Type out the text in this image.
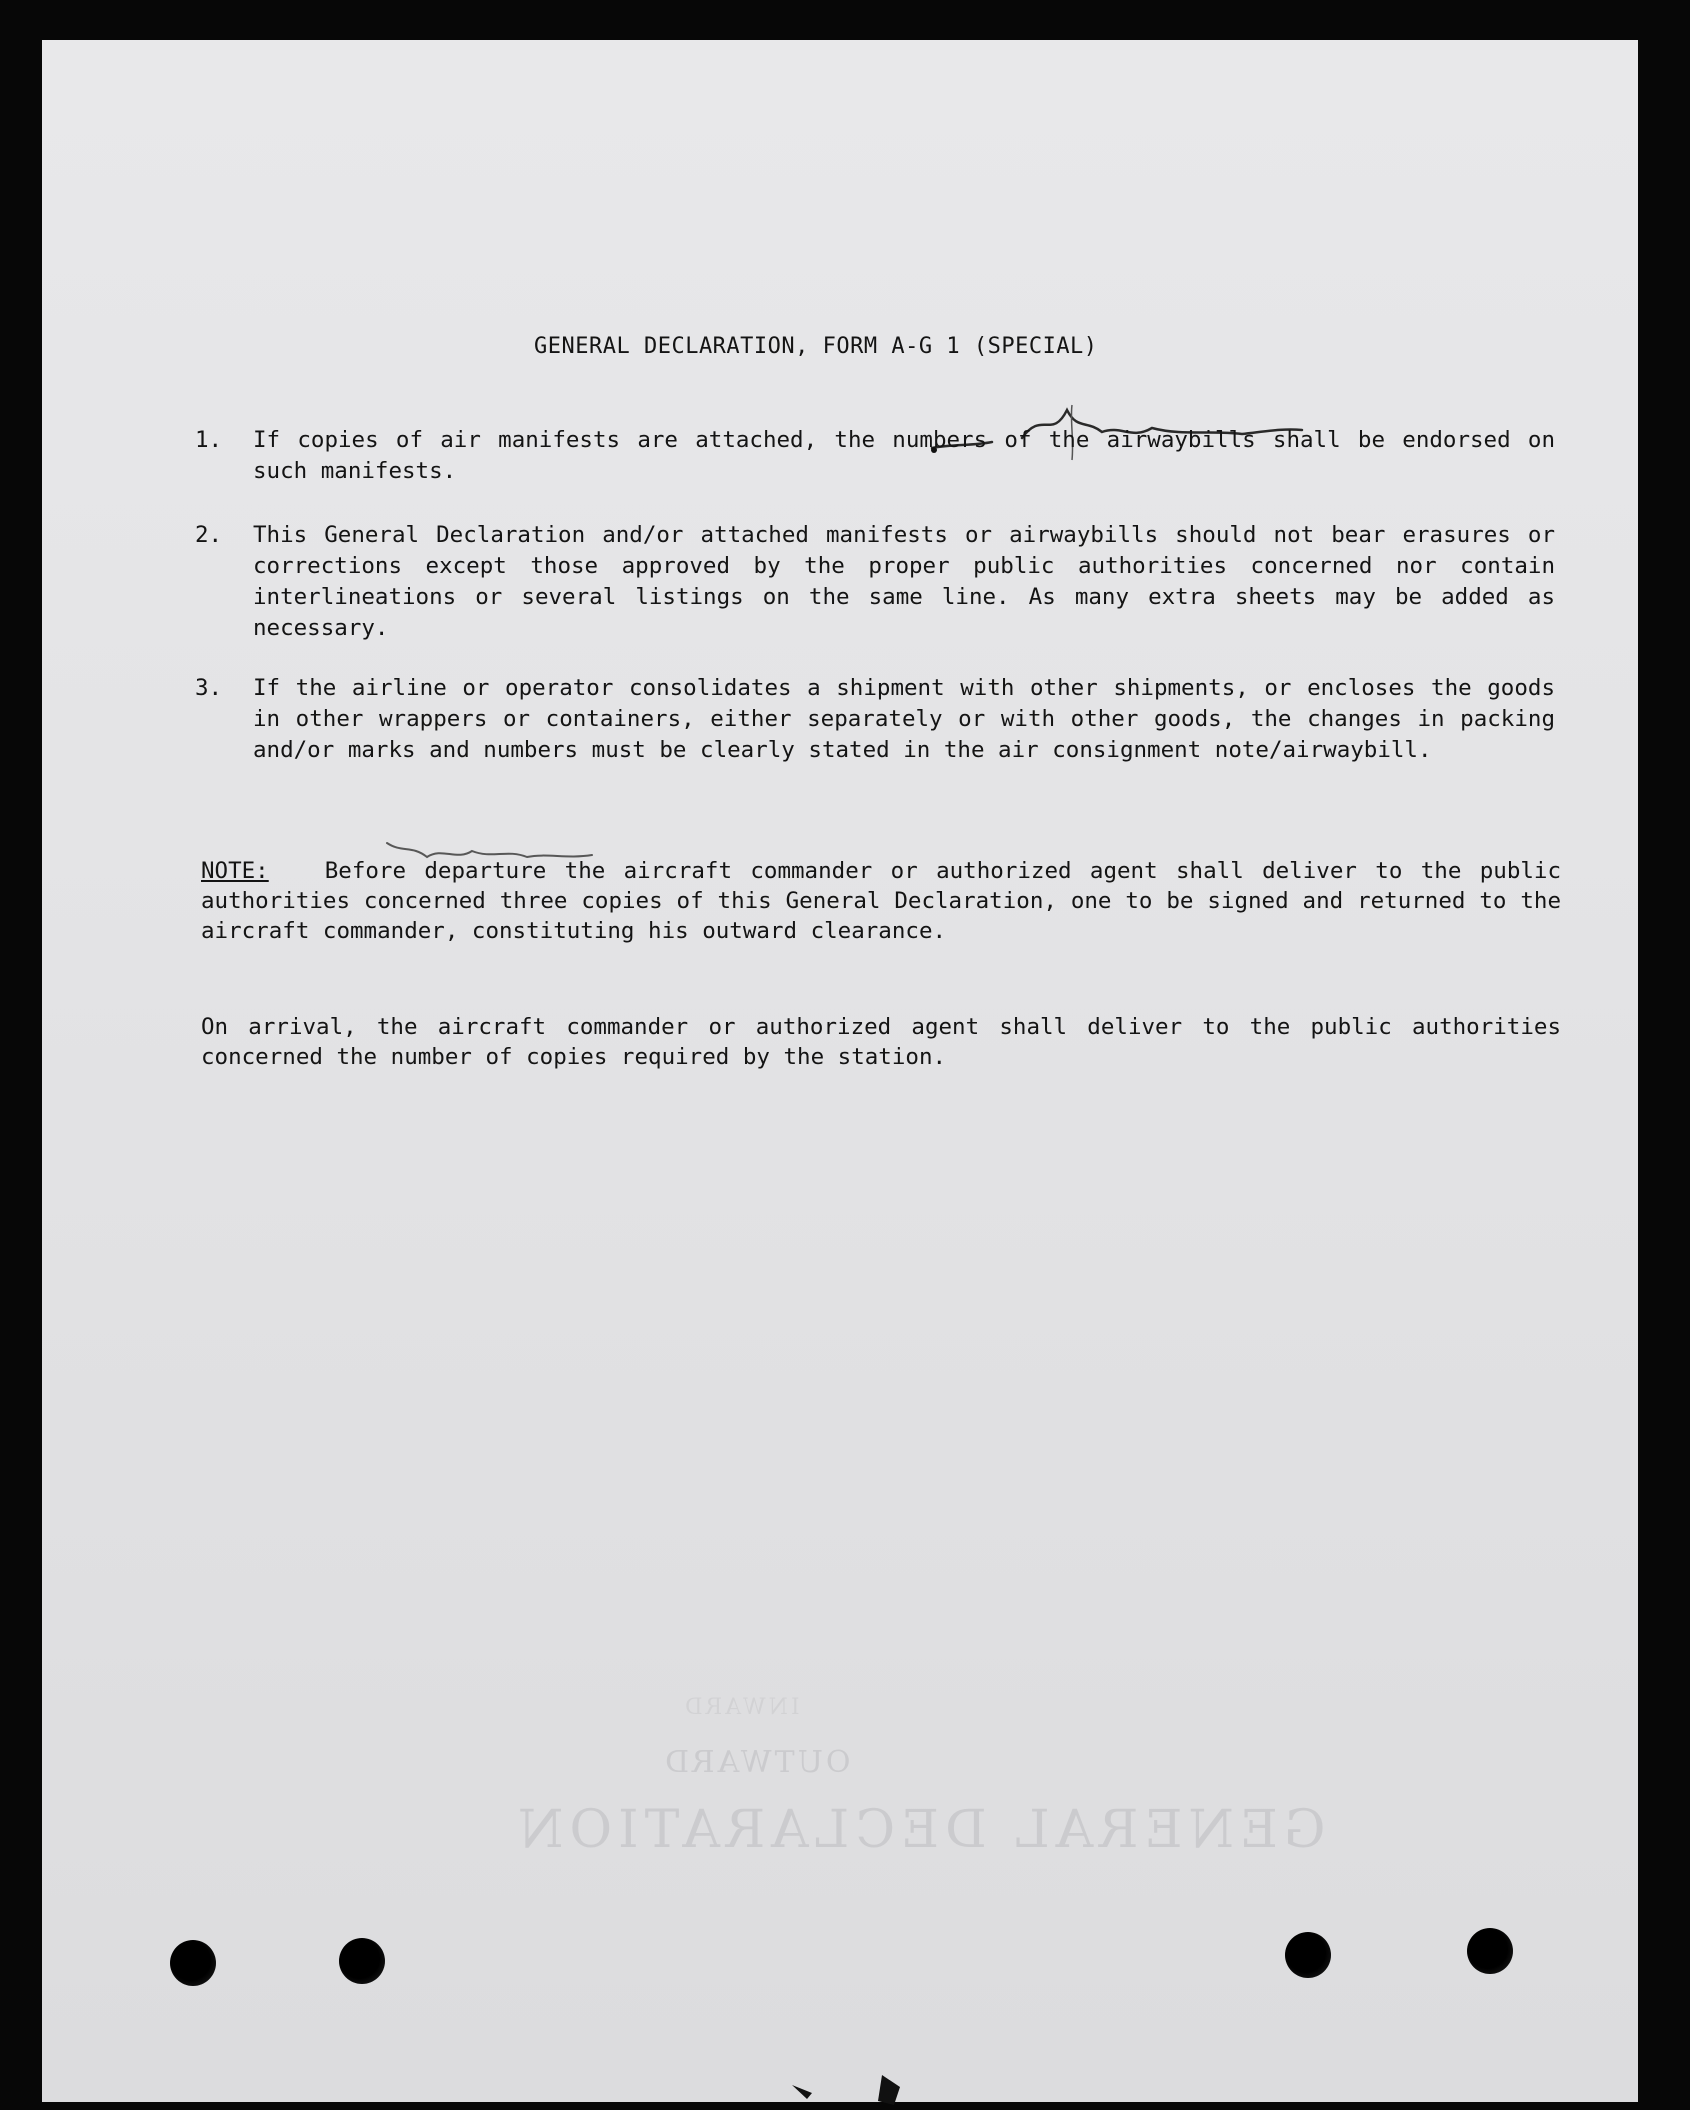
GENERAL DECLARATION
OUTWARD
INWARD
GENERAL DECLARATION, FORM A-G 1 (SPECIAL)
1.	If copies of air manifests are attached, the numbers of the airwaybills shall be endorsed on such manifests.
2.	This General Declaration and/or attached manifests or airwaybills should not bear erasures or corrections except those approved by the proper public authorities concerned nor contain interlineations or several listings on the same line. As many extra sheets may be added as necessary.
3.	If the airline or operator consolidates a shipment with other shipments, or encloses the goods in other wrappers or containers, either separately or with other goods, the changes in packing and/or marks and numbers must be clearly stated in the air consignment note/airwaybill.
NOTE: Before departure the aircraft commander or authorized agent shall deliver to the public authorities concerned three copies of this General Declaration, one to be signed and returned to the aircraft commander, constituting his outward clearance.
On arrival, the aircraft commander or authorized agent shall deliver to the public authorities concerned the number of copies required by the station.
